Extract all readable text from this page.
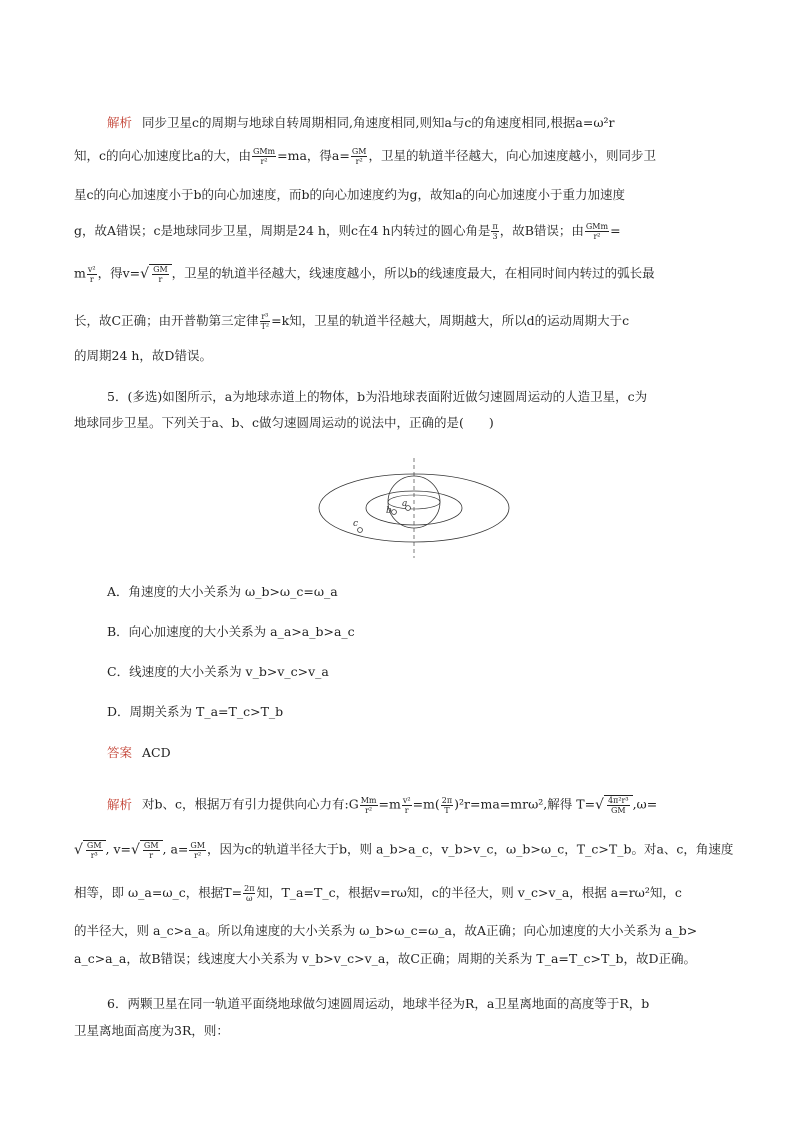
解析 同步卫星c的周期与地球自转周期相同,角速度相同,则知a与c的角速度相同,根据a=ω²r
知，c的向心加速度比a的大，由 $\frac{\text{GMm}}{\text{r²}} =ma$，得$a= \frac{GM}{\text{r²}}$ ，卫星的轨道半径越大，向心加速度越小，则同步卫
星c的向心加速度小于b的向心加速度，而b的向心加速度约为g，故知a的向心加速度小于重力加速度
g，故A错误；c是地球同步卫星，周期是24 h，则c在4 h内转过的圆心角是 $\frac{\pi}{3}$ ，故B错误；由 $\frac{\text{GMm}}{\text{r²}}$ =
m $\frac{\text{v²}}{r}$ ，得$v=√ \frac{GM}{r}$ ，卫星的轨道半径越大，线速度越小，所以b的线速度最大，在相同时间内转过的弧长最
长，故C正确；由开普勒第三定律 $\frac{\text{r³}}{\text{T²}} =k$知，卫星的轨道半径越大，周期越大，所以d的运动周期大于c
的周期24 h，故D错误。
5．(多选)如图所示，a为地球赤道上的物体，b为沿地球表面附近做匀速圆周运动的人造卫星，c为
地球同步卫星。下列关于a、b、c做匀速圆周运动的说法中，正确的是(　　)
b
a
c
A．角速度的大小关系为 ω_b>ω_c=ω_a
B．向心加速度的大小关系为 a_a>a_b>a_c
C．线速度的大小关系为 v_b>v_c>v_a
D．周期关系为 T_a=T_c>T_b
答案 ACD
解析 对b、c，根据万有引力提供向心力有:G $\frac{Mm}{\text{r²}} =m \frac{\text{v²}}{r} =m( \frac{2\pi}{T} )^2r=ma=mr\omega^2$,解得 $T=√ \frac{\text{4π²r³}}{GM} ,\omega=$
√ $\frac{GM}{\text{r³}}$ , $v=√ \frac{GM}{r}$ , $a= \frac{GM}{\text{r²}}$ ，因为c的轨道半径大于b，则 a_b>a_c，v_b>v_c，ω_b>ω_c，T_c>T_b。对a、c，角速度
相等，即 ω_a=ω_c，根据$T= \frac{2\pi}{\omega}$ 知，T_a=T_c，根据v=rω知，c的半径大，则 v_c>v_a，根据 a=rω²知，c
的半径大，则 a_c>a_a。所以角速度的大小关系为 ω_b>ω_c=ω_a，故A正确；向心加速度的大小关系为 a_b>
a_c>a_a，故B错误；线速度大小关系为 v_b>v_c>v_a，故C正确；周期的关系为 T_a=T_c>T_b，故D正确。
6．两颗卫星在同一轨道平面绕地球做匀速圆周运动，地球半径为R，a卫星离地面的高度等于R，b
卫星离地面高度为3R，则：
